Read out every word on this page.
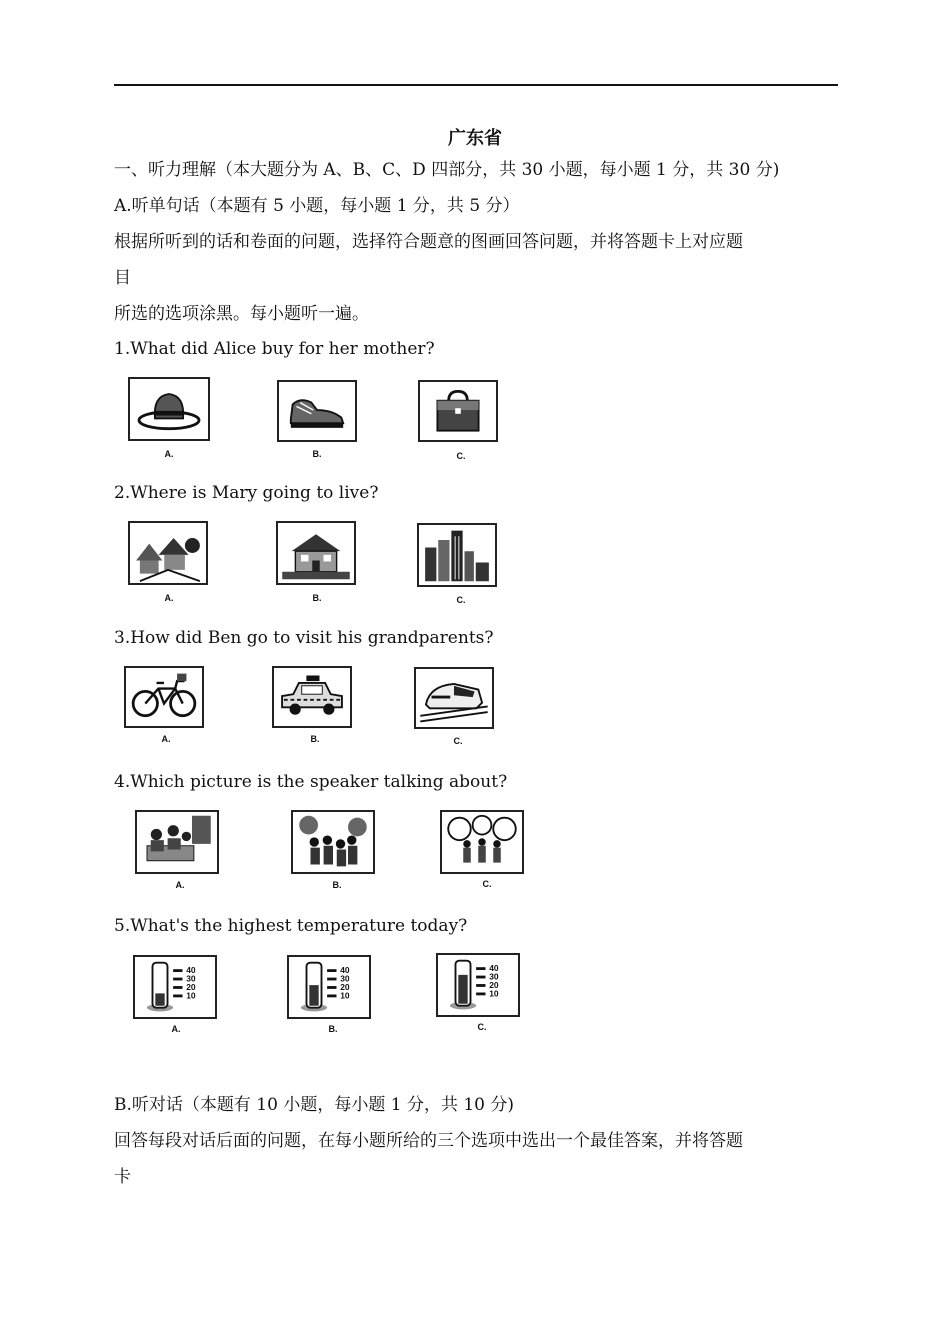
广东省
一、听力理解（本大题分为 A、B、C、D 四部分，共 30 小题，每小题 1 分，共 30 分)
A.听单句话（本题有 5 小题，每小题 1 分，共 5 分）
根据所听到的话和卷面的问题，选择符合题意的图画回答问题，并将答题卡上对应题
目
所选的选项涂黑。每小题听一遍。
1.What did Alice buy for her mother?
A.	B.	C.
2.Where is Mary going to live?
A.	B.	C.
3.How did Ben go to visit his grandparents?
A.	B.	C.
4.Which picture is the speaker talking about?
A.	B.	C.
5.What's the highest temperature today?
40
30
20
10
A.
40
30
20
10
B.
40
30
20
10
C.
B.听对话（本题有 10 小题，每小题 1 分，共 10 分)
回答每段对话后面的问题，在每小题所给的三个选项中选出一个最佳答案，并将答题
卡
